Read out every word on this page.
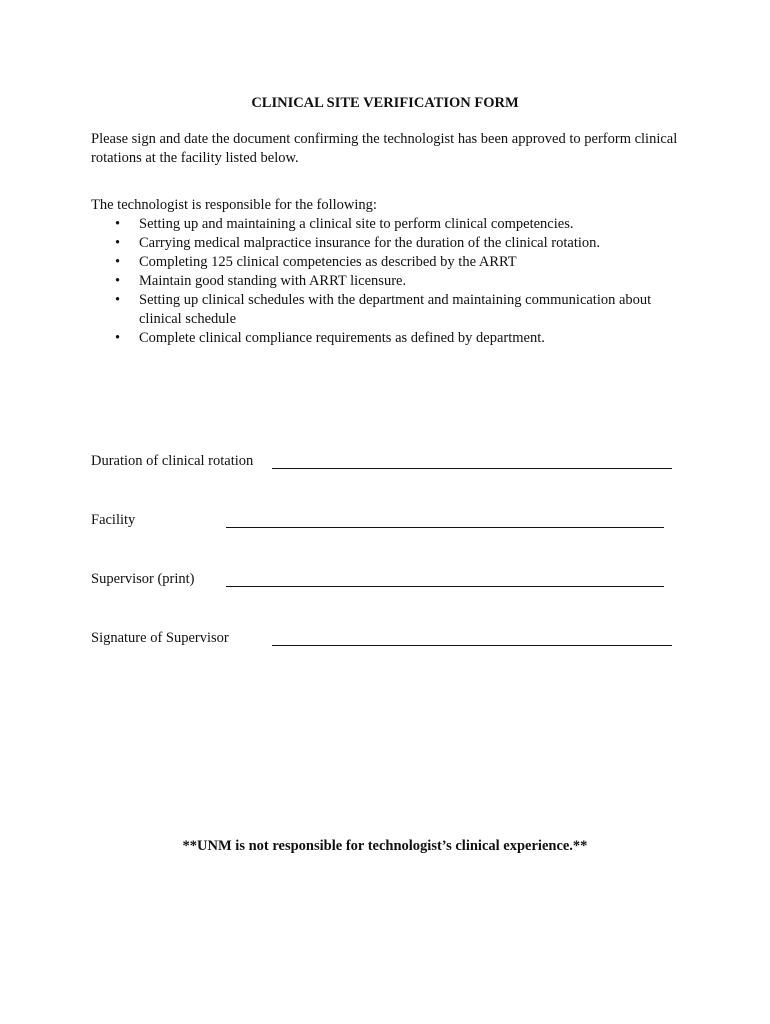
CLINICAL SITE VERIFICATION FORM
Please sign and date the document confirming the technologist has been approved to perform clinical rotations at the facility listed below.
The technologist is responsible for the following:
• Setting up and maintaining a clinical site to perform clinical competencies.
• Carrying medical malpractice insurance for the duration of the clinical rotation.
• Completing 125 clinical competencies as described by the ARRT
• Maintain good standing with ARRT licensure.
• Setting up clinical schedules with the department and maintaining communication about clinical schedule
• Complete clinical compliance requirements as defined by department.
Duration of clinical rotation
Facility
Supervisor (print)
Signature of Supervisor
**UNM is not responsible for technologist’s clinical experience.**
